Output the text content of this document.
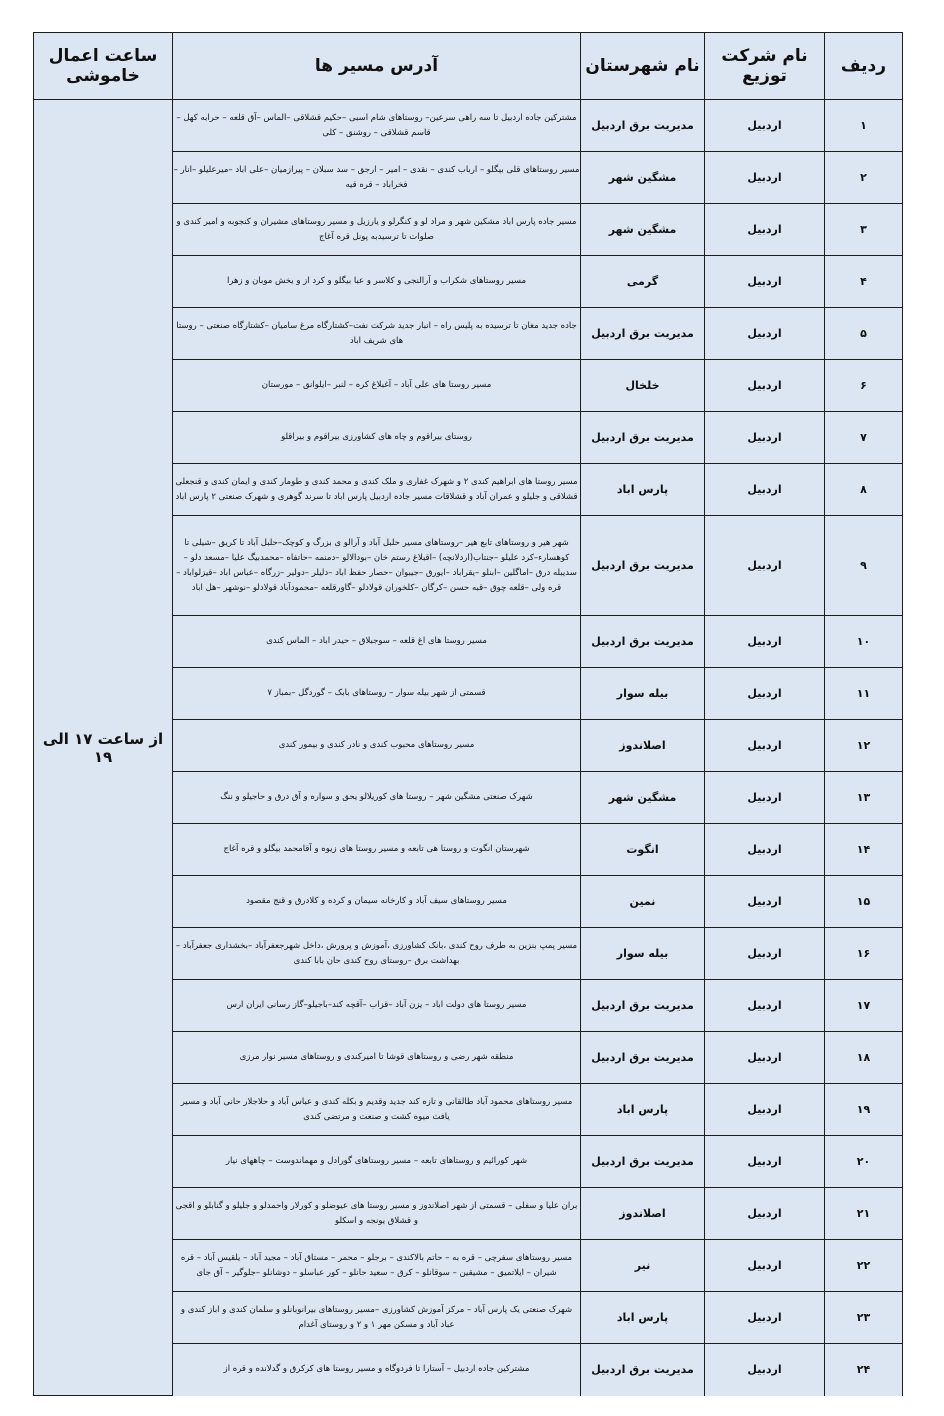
ردیف	نام شرکت توزیع	نام شهرستان	آدرس مسیر ها	ساعت اعمال خاموشی
۱	اردبیل	مدیریت برق اردبیل	مشترکین جاده اردبیل تا سه راهی سرعین– روستاهای شام اسبی –حکیم قشلاقی –الماس –آق قلعه – حرابه کهل – قاسم قشلاقی – روشنق – کلی	از ساعت ۱۷ الی ۱۹
۲	اردبیل	مشگین شهر	مسیر روستاهای قلی بیگلو – ارباب کندی – نقدی – امیر – ارجق – سد سبلان – پیرازمیان –علی اباد –میرعلیلو –انار – فخراباد – قره قیه	
۳	اردبیل	مشگین شهر	مسیر جاده پارس اباد مشکین شهر و مراد لو و کنگرلو و یارزیل و مسیر روستاهای مشیران و کنجوبه و امیر کندی و صلوات تا ترسیدبه پونل قره آغاج	
۴	اردبیل	گرمی	مسیر روستاهای شکراب و آرالنجی و کلاسر و عبا بیگلو و کرد از و یخش موبان و زهرا	
۵	اردبیل	مدیریت برق اردبیل	جاده جدید مغان تا ترسیده به پلیس راه – انبار جدید شرکت نفت–کشتارگاه مرغ سامیان –کشتارگاه صنعتی – روستا های شریف اباد	
۶	اردبیل	خلخال	مسیر روستا های علی آباد – آغبلاغ کره – لنبر –ایلوانق – مورستان	
۷	اردبیل	مدیریت برق اردبیل	روستای بیراقوم و چاه های کشاورزی بیراقوم و بیراقلو	
۸	اردبیل	پارس اباد	مسیر روستا های ابراهیم کندی ۲ و شهرک غفاری و ملک کندی و محمد کندی و طومار کندی و ایمان کندی و قنجعلی قشلاقی و جلیلو و عمران آباد و قشلاقات مسیر جاده اردبیل پارس اباد تا سرند گوهری و شهرک صنعتی ۲ پارس اباد	
۹	اردبیل	مدیریت برق اردبیل	شهر هیر و روستاهای تابع هیر –روستاهای مسیر حلبل آباد و آرالو ی بزرگ و کوچک–حلبل آباد تا کریق –شیلی تا کوهسارء–کرد علیلو –جنتاب(اردلانچه) –اقبلاغ رستم خان –بودالالو –دمنمه –حاتفاه –محمدبیگ علیا –مسعد دلو –سدیبله درق –اماگلین –ابنلو –یقراباد –ایورق –جیبوان –حصار حفظ اباد –دلیلر –دولیر –زرگاه –عباس اباد –قیزلواباد –قره ولی –قلعه چوق –قبه حسن –کرگان –کلخوران قولادلو –گاورقلعه –محمودآباد قولادلو –نوشهر –هل اباد	
۱۰	اردبیل	مدیریت برق اردبیل	مسیر روستا های اغ قلعه – سوجبلاق – حیدر اباد – الماس کندی	
۱۱	اردبیل	بیله سوار	قسمتی از شهر بیله سوار – روستاهای بابک – گوردگل –بمباز ۷	
۱۲	اردبیل	اصلاندوز	مسیر روستاهای محبوب کندی و نادر کندی و بیمور کندی	
۱۳	اردبیل	مشگین شهر	شهرک صنعتی مشگین شهر – روستا های کوریلالو یحق و سواره و آق درق و حاجیلو و ننگ	
۱۴	اردبیل	انگوت	شهرستان انگوت و روستا هی تابعه و مسیر روستا های زیوه و آقامحمد بیگلو و قره آغاج	
۱۵	اردبیل	نمین	مسیر روستاهای سیف آباد و کارخانه سیمان و کرده و کلادرق و قنج مقصود	
۱۶	اردبیل	بیله سوار	مسیر پمپ بنزین به طرف روح کندی ،بانک کشاورزی ،آموزش و پرورش ،داخل شهرجعفرآباد –بخشداری جعفرآباد – بهداشت برق –روستای روح کندی حان بابا کندی	
۱۷	اردبیل	مدیریت برق اردبیل	مسیر روستا های دولت اباد – یزن آباد –قزاب –آقچه کند–باجیلو–گاز رسانی ایران ارس	
۱۸	اردبیل	مدیریت برق اردبیل	منطقه شهر رضی و روستاهای قوشا تا امیرکندی و روستاهای مسیر نوار مرزی	
۱۹	اردبیل	پارس اباد	مسیر روستاهای محمود آباد طالقانی و تازه کند جدید وقدیم و بکله کندی و عباس آباد و حلاجلار حانی آباد و مسیر یافت میوه کشت و صنعت و مرتضی کندی	
۲۰	اردبیل	مدیریت برق اردبیل	شهر کورائیم و روستاهای تابعه – مسیر روستاهای گورادل و مهماندوست – چاههای نیار	
۲۱	اردبیل	اصلاندوز	بران علیا و سفلی – قسمتی از شهر اصلاندوز و مسیر روستا های عیوضلو و کورلار واحمدلو و جلیلو و گنابلو و اقجی و قشلاق یونجه و اسکلو	
۲۲	اردبیل	نیر	مسیر روستاهای سفرچی – قره به – حاتم بالاکندی – برجلو – محمر – مستاق آباد – مجید آباد – یلقیس آباد – قره شیران – ایلاتمیق – مشیقین – سوقانلو – کرق – سعید حانلو – کور عباسلو – دوشانلو –جلوگیر – آق جای	
۲۳	اردبیل	پارس اباد	شهرک صنعتی یک پارس آباد – مرکز آموزش کشاورزی –مسیر روستاهای بیرانوبانلو و سلمان کندی و اباز کندی و عباد آباد و مسکن مهر ۱ و ۲ و روستای آغدام	
۲۴	اردبیل	مدیریت برق اردبیل	مشترکین جاده اردبیل – آستارا تا فردوگاه و مسیر روستا های کرکرق و گدلانده و قره از	
